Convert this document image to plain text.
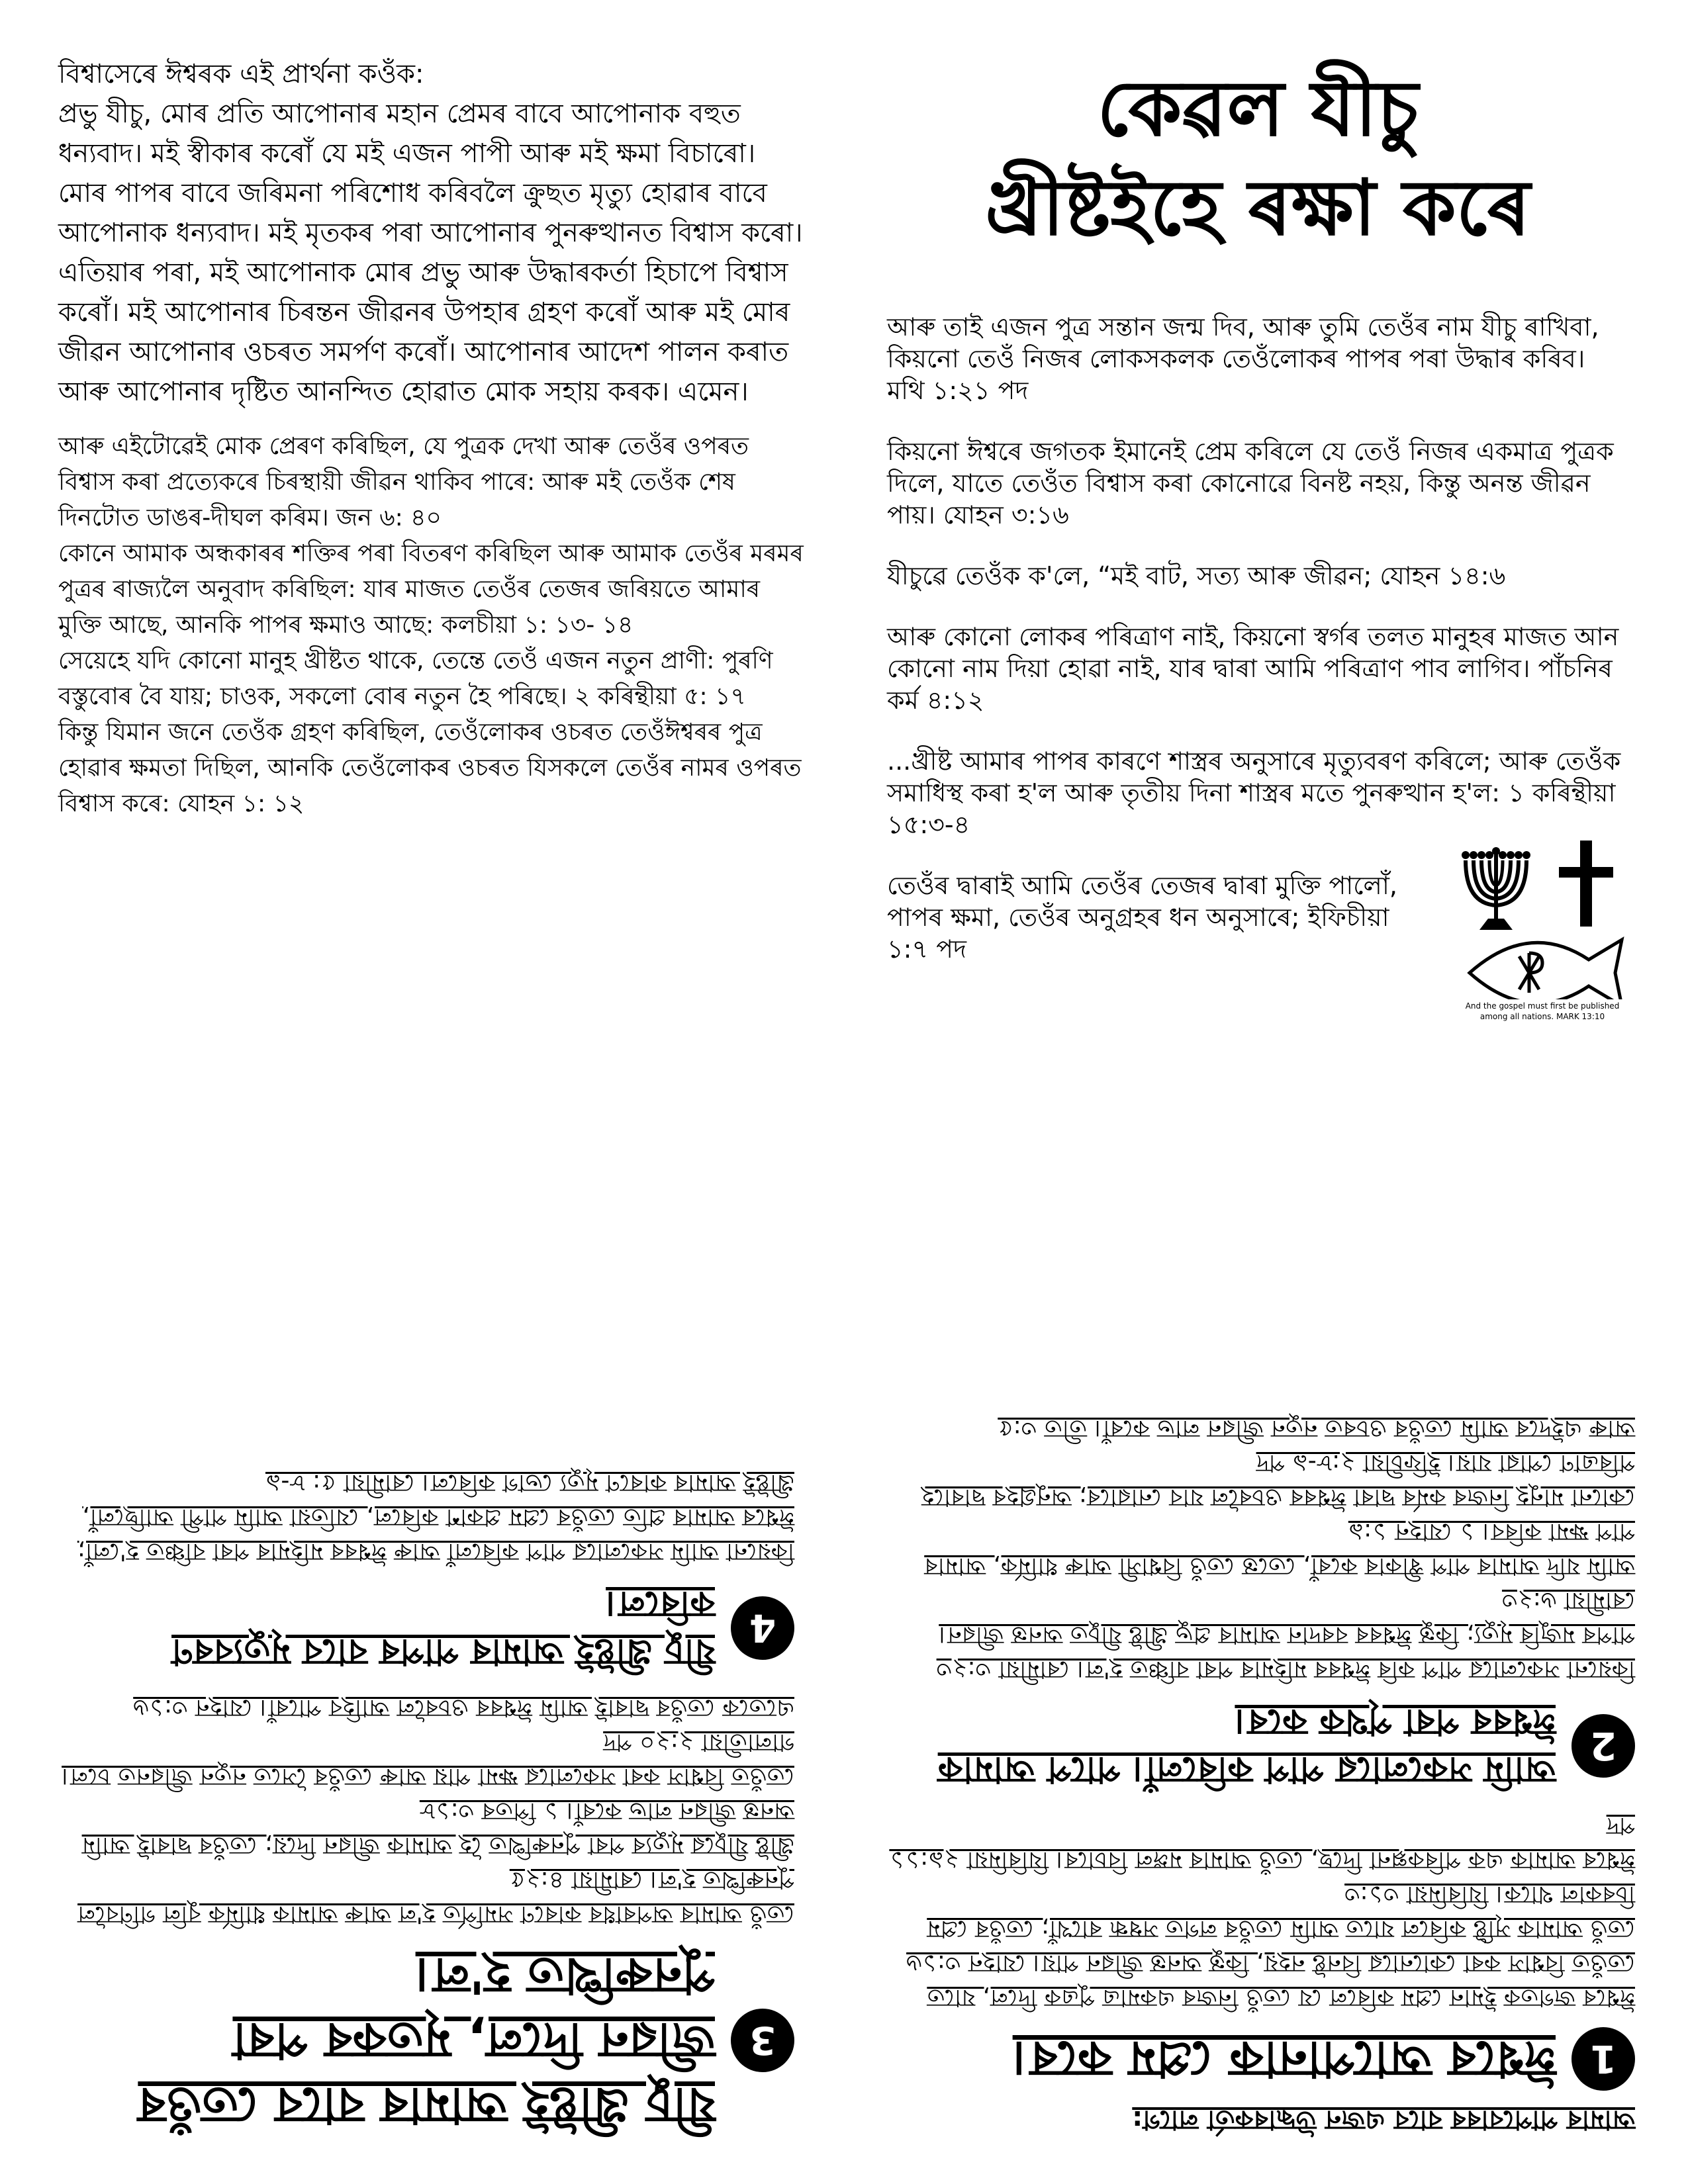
বিশ্বাসেৰে ঈশ্বৰক এই প্ৰাৰ্থনা কওঁক:
প্ৰভু যীচু, মোৰ প্ৰতি আপোনাৰ মহান প্ৰেমৰ বাবে আপোনাক বহুত ধন্যবাদ। মই স্বীকাৰ কৰোঁ যে মই এজন পাপী আৰু মই ক্ষমা বিচাৰো। মোৰ পাপৰ বাবে জৰিমনা পৰিশোধ কৰিবলৈ ক্ৰুছত মৃত্যু হোৱাৰ বাবে আপোনাক ধন্যবাদ। মই মৃতকৰ পৰা আপোনাৰ পুনৰুত্থানত বিশ্বাস কৰো। এতিয়াৰ পৰা, মই আপোনাক মোৰ প্ৰভু আৰু উদ্ধাৰকৰ্তা হিচাপে বিশ্বাস কৰোঁ। মই আপোনাৰ চিৰন্তন জীৱনৰ উপহাৰ গ্ৰহণ কৰোঁ আৰু মই মোৰ জীৱন আপোনাৰ ওচৰত সমৰ্পণ কৰোঁ। আপোনাৰ আদেশ পালন কৰাত আৰু আপোনাৰ দৃষ্টিত আনন্দিত হোৱাত মোক সহায় কৰক। এমেন।

আৰু এইটোৱেই মোক প্ৰেৰণ কৰিছিল, যে পুত্ৰক দেখা আৰু তেওঁৰ ওপৰত বিশ্বাস কৰা প্ৰত্যেকৰে চিৰস্থায়ী জীৱন থাকিব পাৰে: আৰু মই তেওঁক শেষ দিনটোত ডাঙৰ-দীঘল কৰিম। জন ৬: ৪০
কোনে আমাক অন্ধকাৰৰ শক্তিৰ পৰা বিতৰণ কৰিছিল আৰু আমাক তেওঁৰ মৰমৰ পুত্ৰৰ ৰাজ্যলৈ অনুবাদ কৰিছিল: যাৰ মাজত তেওঁৰ তেজৰ জৰিয়তে আমাৰ মুক্তি আছে, আনকি পাপৰ ক্ষমাও আছে: কলচীয়া ১: ১৩- ১৪
সেয়েহে যদি কোনো মানুহ খ্ৰীষ্টত থাকে, তেন্তে তেওঁ এজন নতুন প্ৰাণী: পুৰণি বস্তুবোৰ বৈ যায়; চাওক, সকলো বোৰ নতুন হৈ পৰিছে। ২ কৰিন্থীয়া ৫: ১৭
কিন্তু যিমান জনে তেওঁক গ্ৰহণ কৰিছিল, তেওঁলোকৰ ওচৰত তেওঁঈশ্বৰৰ পুত্ৰ হোৱাৰ ক্ষমতা দিছিল, আনকি তেওঁলোকৰ ওচৰত যিসকলে তেওঁৰ নামৰ ওপৰত বিশ্বাস কৰে: যোহন ১: ১২

কেৱল যীচু
খ্ৰীষ্টইহে ৰক্ষা কৰে

আৰু তাই এজন পুত্ৰ সন্তান জন্ম দিব, আৰু তুমি তেওঁৰ নাম যীচু ৰাখিবা, কিয়নো তেওঁ নিজৰ লোকসকলক তেওঁলোকৰ পাপৰ পৰা উদ্ধাৰ কৰিব। মথি ১:২১ পদ

কিয়নো ঈশ্বৰে জগতক ইমানেই প্ৰেম কৰিলে যে তেওঁ নিজৰ একমাত্ৰ পুত্ৰক দিলে, যাতে তেওঁত বিশ্বাস কৰা কোনোৱে বিনষ্ট নহয়, কিন্তু অনন্ত জীৱন পায়। যোহন ৩:১৬

যীচুৱে তেওঁক ক'লে, “মই বাট, সত্য আৰু জীৱন; যোহন ১৪:৬

আৰু কোনো লোকৰ পৰিত্ৰাণ নাই, কিয়নো স্বৰ্গৰ তলত মানুহৰ মাজত আন কোনো নাম দিয়া হোৱা নাই, যাৰ দ্বাৰা আমি পৰিত্ৰাণ পাব লাগিব। পাঁচনিৰ কৰ্ম ৪:১২

...খ্ৰীষ্ট আমাৰ পাপৰ কাৰণে শাস্ত্ৰৰ অনুসাৰে মৃত্যুবৰণ কৰিলে; আৰু তেওঁক সমাধিস্থ কৰা হ'ল আৰু তৃতীয় দিনা শাস্ত্ৰৰ মতে পুনৰুত্থান হ'ল: ১ কৰিন্থীয়া ১৫:৩-৪

তেওঁৰ দ্বাৰাই আমি তেওঁৰ তেজৰ দ্বাৰা মুক্তি পালোঁ, পাপৰ ক্ষমা, তেওঁৰ অনুগ্ৰহৰ ধন অনুসাৰে; ইফিচীয়া ১:৭ পদ

And the gospel must first be published
among all nations. MARK 13:10
3
যীচু খ্ৰীষ্টই আমাৰ বাবে তেওঁৰ জীৱন দিলে, মৃতকৰ পৰা পুনৰুত্থিত হ'ল।

তেওঁ আমাৰ অপৰাধৰ কাৰণে সমৰ্পিত হ'ল আৰু আমাক ধাৰ্মিক বুলি গণিবলৈ পুনৰুত্থিত হ'ল। ৰোমীয়া ৪:২৫
খ্ৰীষ্ট যীচুৱে মৃত্যুৰ পৰা পুনৰুত্থিত হৈ আমাক জীৱন দিয়ে; তেওঁৰ দ্বাৰাই আমি অনন্ত জীৱন লাভ কৰোঁ। ১ পিতৰ ৩:১৮
তেওঁত বিশ্বাস কৰা সকলোৱে ক্ষমা পায় আৰু তেওঁৰ সৈতে নতুন জীৱনত চলে। গালাতীয়া ২:২০ পদ
এতেকে তেওঁৰ দ্বাৰাই আমি ঈশ্বৰৰ ওচৰলৈ আহিব পাৰোঁ। যোহন ৩:১৬

4
যীচু খ্ৰীষ্টই আমাৰ পাপৰ বাবে মৃত্যুবৰণ কৰিলে।

কিয়নো আমি সকলোৱে পাপ কৰিলোঁ আৰু ঈশ্বৰৰ মহিমাৰ পৰা বঞ্চিত হ'লোঁ; ঈশ্বৰে আমাৰ প্ৰতি তেওঁৰ প্ৰেম প্ৰকাশ কৰিলে, যেতিয়া আমি পাপী আছিলোঁ, খ্ৰীষ্টই আমাৰ কাৰণে মৃত্যু ভোগ কৰিলে। ৰোমীয়া ৫: ৮-৯

আমাৰ পাপবোৰৰ বাবে এজন উদ্ধাৰকৰ্তা লাগে:

1
ঈশ্বৰে আপোনাক প্ৰেম কৰে।

ঈশ্বৰে জগতক ইমান প্ৰেম কৰিলে যে তেওঁ নিজৰ একমাত্ৰ পুত্ৰক দিলে, যাতে তেওঁত বিশ্বাস কৰা কোনোৱে বিনষ্ট নহয়, কিন্তু অনন্ত জীৱন পায়। যোহন ৩:১৬
তেওঁ আমাক সৃষ্টি কৰিলে যাতে আমি তেওঁৰ লগত সম্বন্ধ ৰাখোঁ; তেওঁৰ প্ৰেম চিৰকাল থাকে। যিৰিমিয়া ৩১:৩
ঈশ্বৰে আমাক এক পৰিকল্পনা দিছে, তেওঁ আমাৰ মঙ্গল বিচাৰে। যিৰিমিয়া ২৯:১১ পদ

2
আমি সকলোৱে পাপ কৰিলোঁ। পাপে আমাক ঈশ্বৰৰ পৰা পৃথক কৰে।

কিয়নো সকলোৱে পাপ কৰি ঈশ্বৰৰ মহিমাৰ পৰা বঞ্চিত হ'ল। ৰোমীয়া ৩:২৩
পাপৰ মজুৰি মৃত্যু; কিন্তু ঈশ্বৰৰ বৰদান আমাৰ প্ৰভু খ্ৰীষ্ট যীচুত অনন্ত জীৱন। ৰোমীয়া ৬:২৩
আমি যদি আমাৰ পাপ স্বীকাৰ কৰোঁ, তেন্তে তেওঁ বিশ্বাসী আৰু ধাৰ্মিক, আমাৰ পাপ ক্ষমা কৰিব। ১ যোহন ১:৯
কোনো মানুহ নিজৰ কৰ্মৰ দ্বাৰা ঈশ্বৰৰ ওচৰলৈ যাব নোৱাৰে; অনুগ্ৰহৰ দ্বাৰাহে পৰিত্ৰাণ পোৱা যায়। ইফিচীয়া ২:৮-৯ পদ
আৰু এইদৰে আমি তেওঁৰ ওচৰত নতুন জীৱন লাভ কৰোঁ। তীত ৩:৫
